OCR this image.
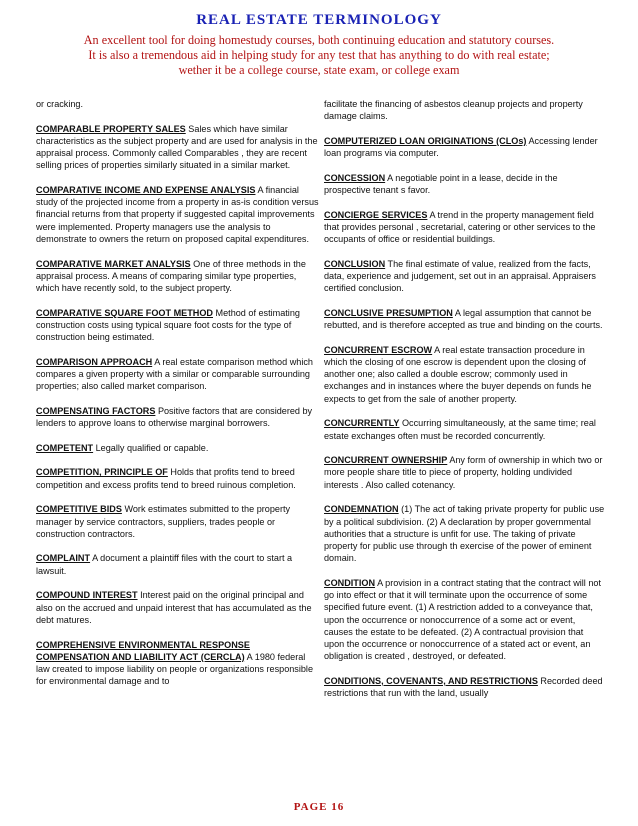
REAL ESTATE TERMINOLOGY
An excellent tool for doing homestudy courses, both continuing education and statutory courses.
It is also a tremendous aid in helping study for any test that has anything to do with real estate;
wether it be a college course, state exam, or college exam
or cracking.
COMPARABLE PROPERTY SALES Sales which have similar characteristics as the subject property and are used for analysis in the appraisal process. Commonly called Comparables , they are recent selling prices of properties similarly situated in a similar market.
COMPARATIVE INCOME AND EXPENSE ANALYSIS A financial study of the projected income from a property in as-is condition versus financial returns from that property if suggested capital improvements were implemented. Property managers use the analysis to demonstrate to owners the return on proposed capital expenditures.
COMPARATIVE MARKET ANALYSIS One of three methods in the appraisal process. A means of comparing similar type properties, which have recently sold, to the subject property.
COMPARATIVE SQUARE FOOT METHOD Method of estimating construction costs using typical square foot costs for the type of construction being estimated.
COMPARISON APPROACH A real estate comparison method which compares a given property with a similar or comparable surrounding properties; also called market comparison.
COMPENSATING FACTORS Positive factors that are considered by lenders to approve loans to otherwise marginal borrowers.
COMPETENT Legally qualified or capable.
COMPETITION, PRINCIPLE OF Holds that profits tend to breed competition and excess profits tend to breed ruinous completion.
COMPETITIVE BIDS Work estimates submitted to the property manager by service contractors, suppliers, trades people or construction contractors.
COMPLAINT A document a plaintiff files with the court to start a lawsuit.
COMPOUND INTEREST Interest paid on the original principal and also on the accrued and unpaid interest that has accumulated as the debt matures.
COMPREHENSIVE ENVIRONMENTAL RESPONSE COMPENSATION AND LIABILITY ACT (CERCLA) A 1980 federal law created to impose liability on people or organizations responsible for environmental damage and to
facilitate the financing of asbestos cleanup projects and property damage claims.
COMPUTERIZED LOAN ORIGINATIONS (CLOs) Accessing lender loan programs via computer.
CONCESSION A negotiable point in a lease, decide in the prospective tenant s favor.
CONCIERGE SERVICES A trend in the property management field that provides personal , secretarial, catering or other services to the occupants of office or residential buildings.
CONCLUSION The final estimate of value, realized from the facts, data, experience and judgement, set out in an appraisal. Appraisers certified conclusion.
CONCLUSIVE PRESUMPTION A legal assumption that cannot be rebutted, and is therefore accepted as true and binding on the courts.
CONCURRENT ESCROW A real estate transaction procedure in which the closing of one escrow is dependent upon the closing of another one; also called a double escrow; commonly used in exchanges and in instances where the buyer depends on funds he expects to get from the sale of another property.
CONCURRENTLY Occurring simultaneously, at the same time; real estate exchanges often must be recorded concurrently.
CONCURRENT OWNERSHIP Any form of ownership in which two or more people share title to piece of property, holding undivided interests . Also called cotenancy.
CONDEMNATION (1) The act of taking private property for public use by a political subdivision. (2) A declaration by proper governmental authorities that a structure is unfit for use. The taking of private property for public use through th exercise of the power of eminent domain.
CONDITION A provision in a contract stating that the contract will not go into effect or that it will terminate upon the occurrence of some specified future event. (1) A restriction added to a conveyance that, upon the occurrence or nonoccurrence of a some act or event, causes the estate to be defeated. (2) A contractual provision that upon the occurrence or nonoccurrence of a stated act or event, an obligation is created , destroyed, or defeated.
CONDITIONS, COVENANTS, AND RESTRICTIONS Recorded deed restrictions that run with the land, usually
PAGE 16
